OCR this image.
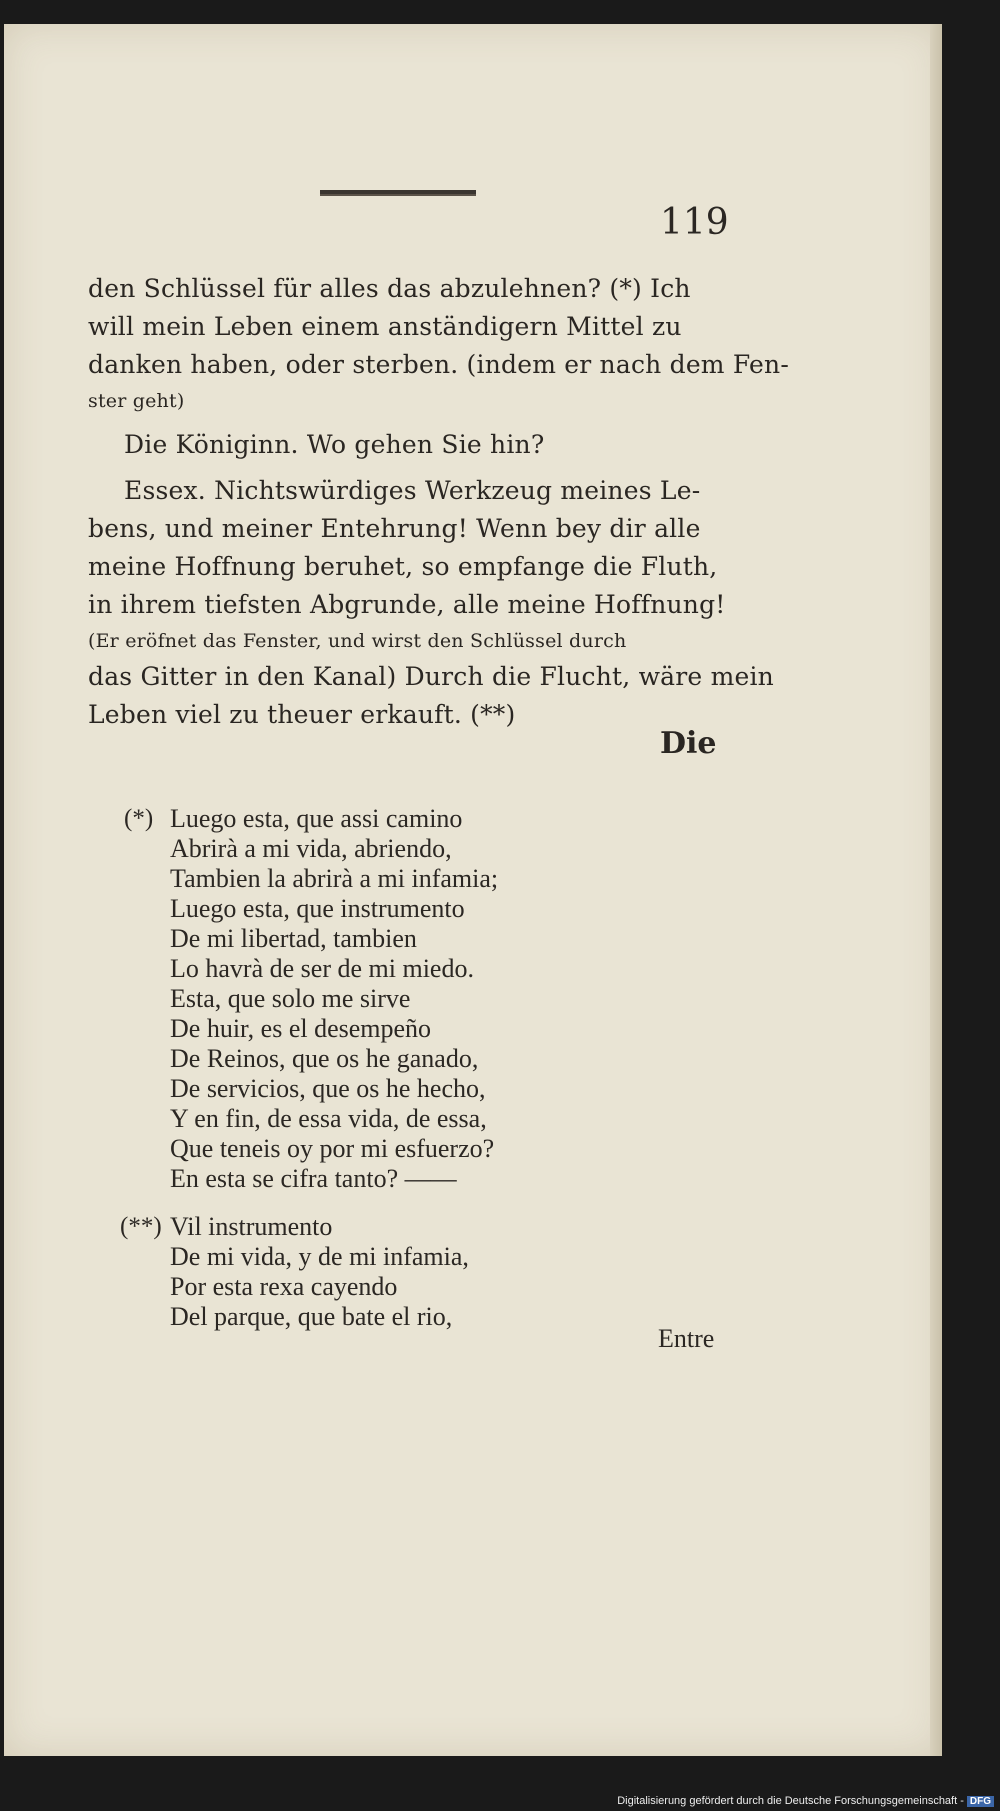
119
den Schlüssel für alles das abzulehnen? (*) Ich
will mein Leben einem anständigern Mittel zu
danken haben, oder sterben. (indem er nach dem Fen-
ster geht)
Die Königinn. Wo gehen Sie hin?
Essex. Nichtswürdiges Werkzeug meines Le-
bens, und meiner Entehrung! Wenn bey dir alle
meine Hoffnung beruhet, so empfange die Fluth,
in ihrem tiefsten Abgrunde, alle meine Hoffnung!
(Er eröfnet das Fenster, und wirst den Schlüssel durch
das Gitter in den Kanal) Durch die Flucht, wäre mein
Leben viel zu theuer erkauft. (**)
Die
(*) Luego esta, que assi camino
Abrirà a mi vida, abriendo,
Tambien la abrirà a mi infamia;
Luego esta, que instrumento
De mi libertad, tambien
Lo havrà de ser de mi miedo.
Esta, que solo me sirve
De huir, es el desempeño
De Reinos, que os he ganado,
De servicios, que os he hecho,
Y en fin, de essa vida, de essa,
Que teneis oy por mi esfuerzo?
En esta se cifra tanto? ——
(**) Vil instrumento
De mi vida, y de mi infamia,
Por esta rexa cayendo
Del parque, que bate el rio,
Entre
Digitalisierung gefördert durch die Deutsche Forschungsgemeinschaft - DFG
